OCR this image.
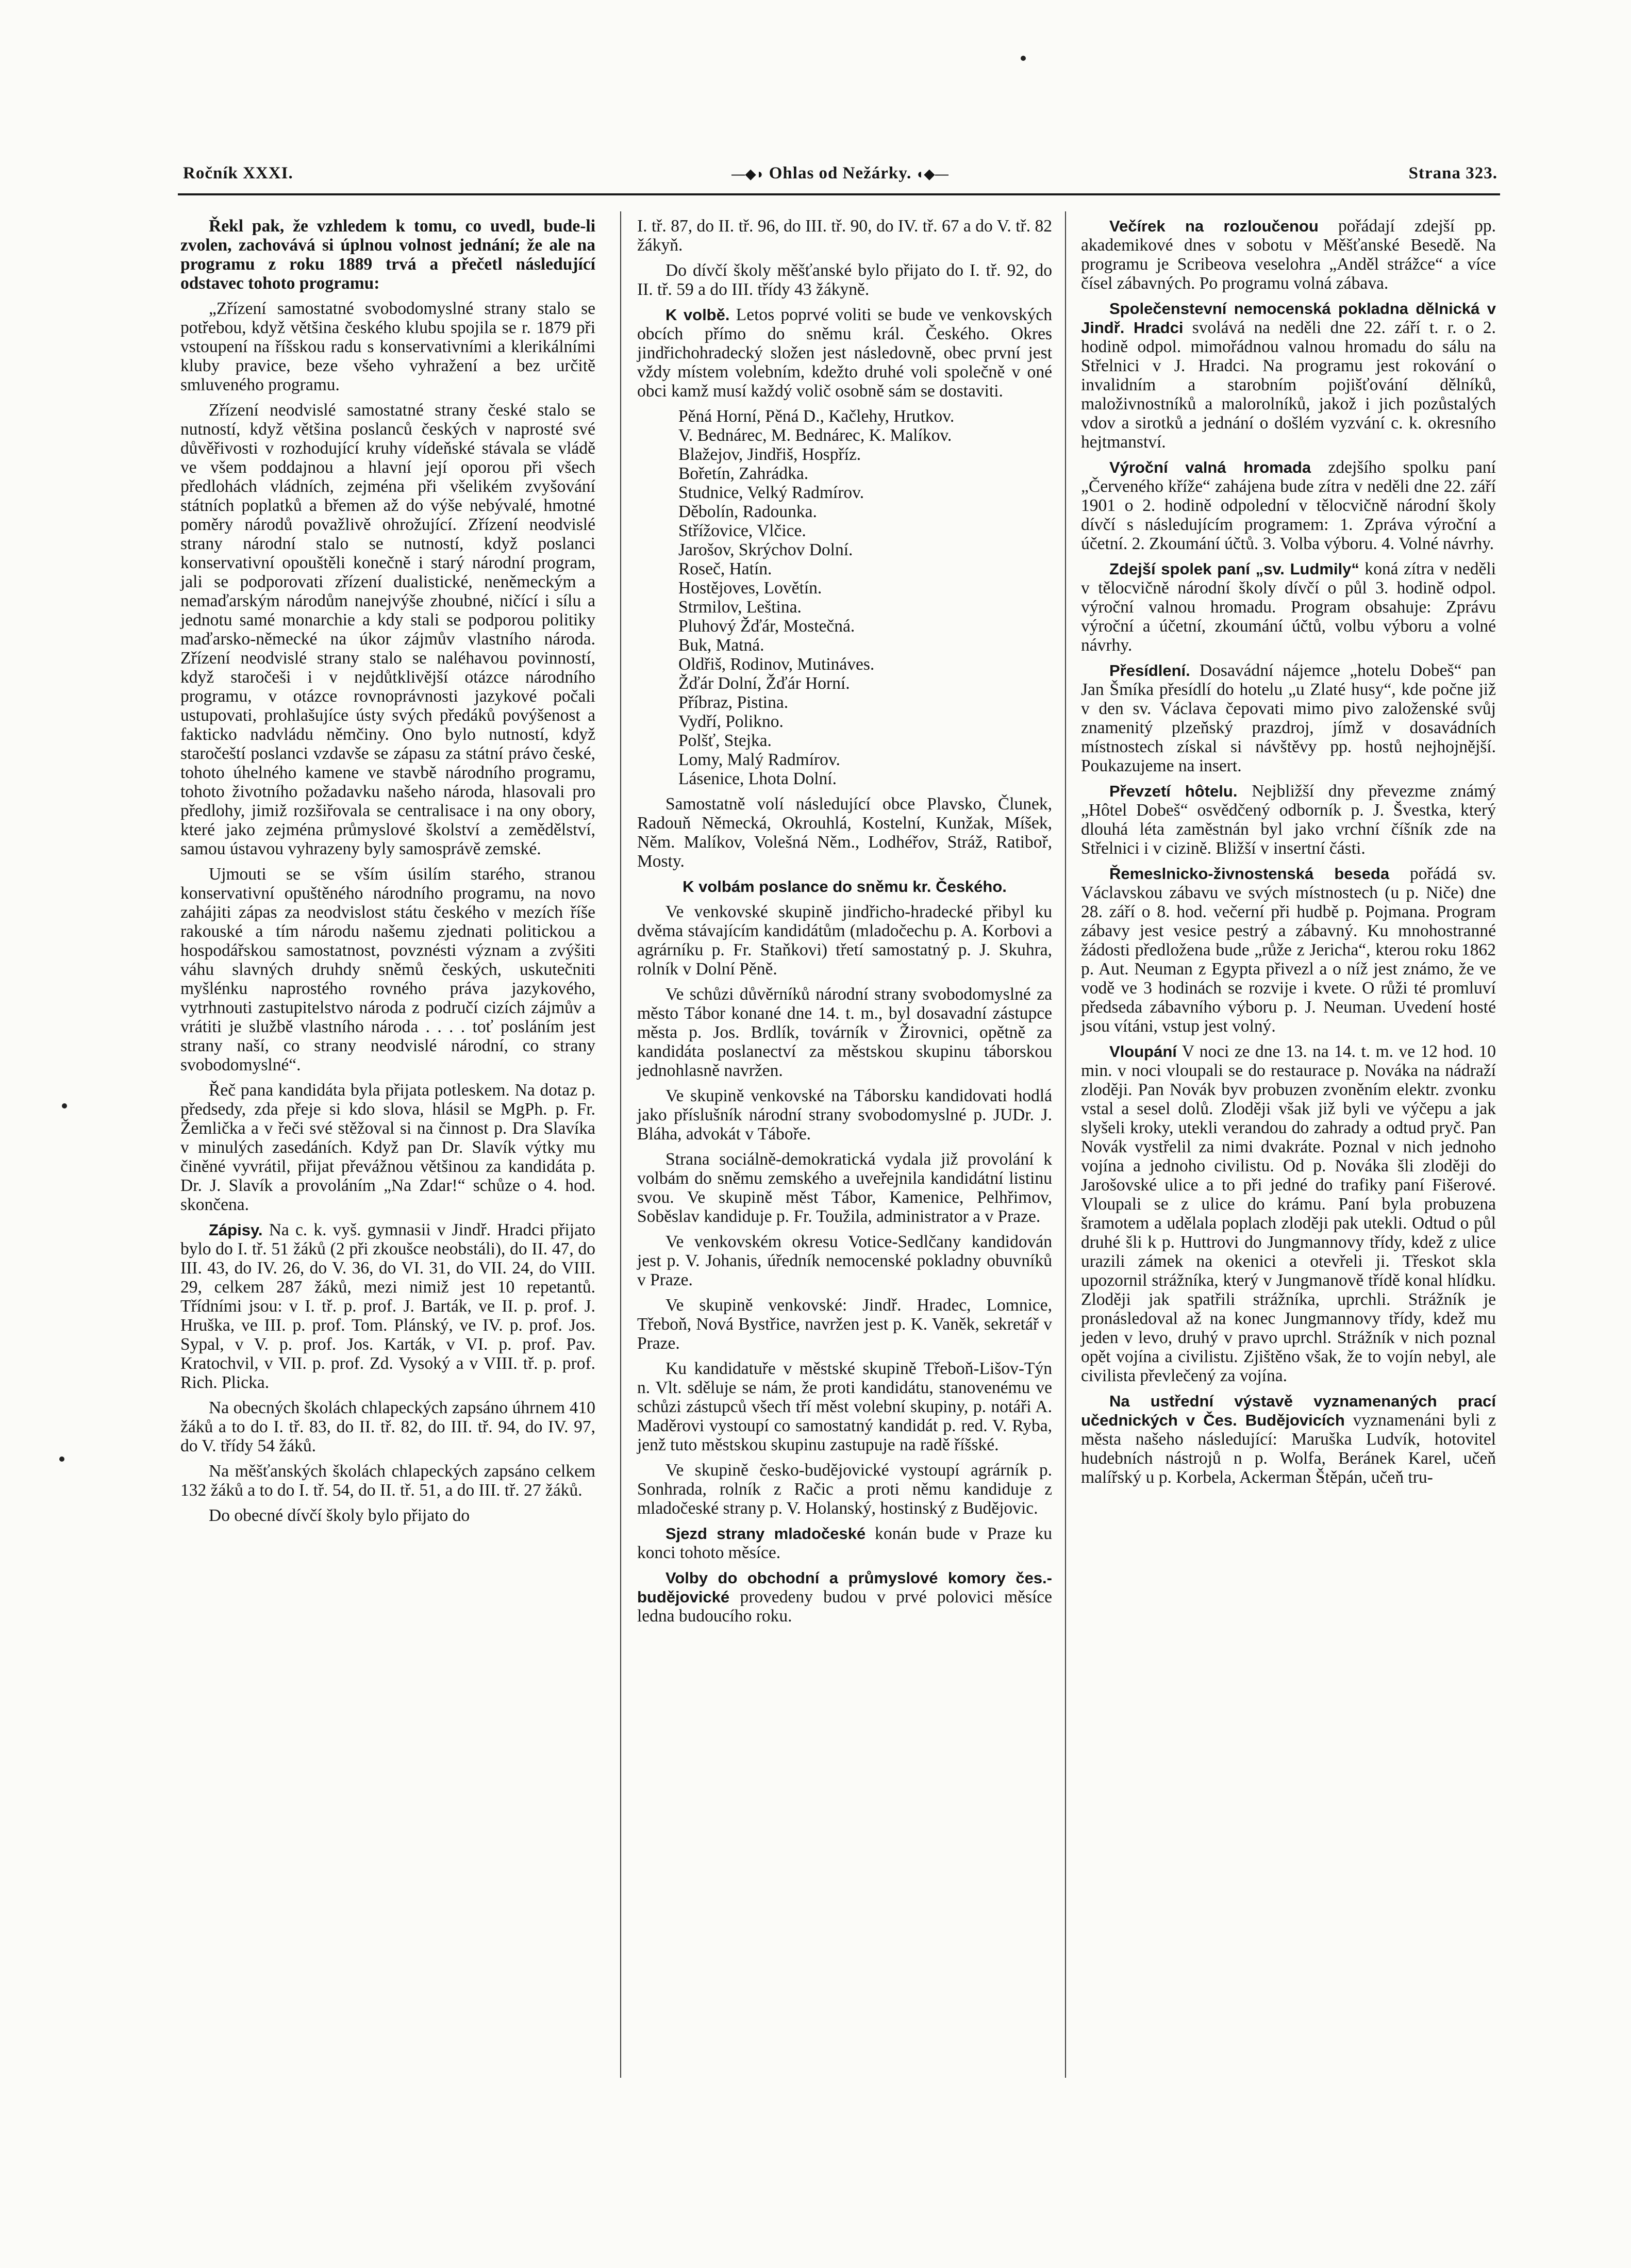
Ročník XXXI.	—◆◗ Ohlas od Nežárky. ◖◆—	Strana 323.

Řekl pak, že vzhledem k tomu, co uvedl, bude-li zvolen, zachovává si úplnou volnost jednání; že ale na programu z roku 1889 trvá a přečetl následující odstavec tohoto programu:

„Zřízení samostatné svobodomyslné strany stalo se potřebou, když většina českého klubu spojila se r. 1879 při vstoupení na říšskou radu s konservativními a klerikálními kluby pravice, beze všeho vyhražení a bez určitě smluveného programu.

Zřízení neodvislé samostatné strany české stalo se nutností, když většina poslanců českých v naprosté své důvěřivosti v rozhodující kruhy vídeňské stávala se vládě ve všem poddajnou a hlavní její oporou při všech předlohách vládních, zejména při všelikém zvyšování státních poplatků a břemen až do výše nebývalé, hmotné poměry národů považlivě ohrožující. Zřízení neodvislé strany národní stalo se nutností, když poslanci konservativní opouštěli konečně i starý národní program, jali se podporovati zřízení dualistické, neněmeckým a nemaďarským národům nanejvýše zhoubné, ničící i sílu a jednotu samé monarchie a kdy stali se podporou politiky maďarsko-německé na úkor zájmův vlastního národa. Zřízení neodvislé strany stalo se naléhavou povinností, když staročeši i v nejdůtklivější otázce národního programu, v otázce rovnoprávnosti jazykové počali ustupovati, prohlašujíce ústy svých předáků povýšenost a fakticko nadvládu němčiny. Ono bylo nutností, když staročeští poslanci vzdavše se zápasu za státní právo české, tohoto úhelného kamene ve stavbě národního programu, tohoto životního požadavku našeho národa, hlasovali pro předlohy, jimiž rozšiřovala se centralisace i na ony obory, které jako zejména průmyslové školství a zemědělství, samou ústavou vyhrazeny byly samosprávě zemské.

Ujmouti se se vším úsilím starého, stranou konservativní opuštěného národního programu, na novo zahájiti zápas za neodvislost státu českého v mezích říše rakouské a tím národu našemu zjednati politickou a hospodářskou samostatnost, povznésti význam a zvýšiti váhu slavných druhdy sněmů českých, uskutečniti myšlénku naprostého rovného práva jazykového, vytrhnouti zastupitelstvo národa z područí cizích zájmův a vrátiti je službě vlastního národa . . . . toť posláním jest strany naší, co strany neodvislé národní, co strany svobodomyslné“.

Řeč pana kandidáta byla přijata potleskem. Na dotaz p. předsedy, zda přeje si kdo slova, hlásil se MgPh. p. Fr. Žemlička a v řeči své stěžoval si na činnost p. Dra Slavíka v minulých zasedáních. Když pan Dr. Slavík výtky mu činěné vyvrátil, přijat převážnou většinou za kandidáta p. Dr. J. Slavík a provoláním „Na Zdar!“ schůze o 4. hod. skončena.

Zápisy. Na c. k. vyš. gymnasii v Jindř. Hradci přijato bylo do I. tř. 51 žáků (2 při zkoušce neobstáli), do II. 47, do III. 43, do IV. 26, do V. 36, do VI. 31, do VII. 24, do VIII. 29, celkem 287 žáků, mezi nimiž jest 10 repetantů. Třídními jsou: v I. tř. p. prof. J. Barták, ve II. p. prof. J. Hruška, ve III. p. prof. Tom. Plánský, ve IV. p. prof. Jos. Sypal, v V. p. prof. Jos. Karták, v VI. p. prof. Pav. Kratochvil, v VII. p. prof. Zd. Vysoký a v VIII. tř. p. prof. Rich. Plicka.

Na obecných školách chlapeckých zapsáno úhrnem 410 žáků a to do I. tř. 83, do II. tř. 82, do III. tř. 94, do IV. 97, do V. třídy 54 žáků.

Na měšťanských školách chlapeckých zapsáno celkem 132 žáků a to do I. tř. 54, do II. tř. 51, a do III. tř. 27 žáků.

Do obecné dívčí školy bylo přijato do

I. tř. 87, do II. tř. 96, do III. tř. 90, do IV. tř. 67 a do V. tř. 82 žákyň.

Do dívčí školy měšťanské bylo přijato do I. tř. 92, do II. tř. 59 a do III. třídy 43 žákyně.

K volbě. Letos poprvé voliti se bude ve venkovských obcích přímo do sněmu král. Českého. Okres jindřichohradecký složen jest následovně, obec první jest vždy místem volebním, kdežto druhé voli společně v oné obci kamž musí každý volič osobně sám se dostaviti.

Pěná Horní, Pěná D., Kačlehy, Hrutkov.
V. Bednárec, M. Bednárec, K. Malíkov.
Blažejov, Jindřiš, Hospříz.
Bořetín, Zahrádka.
Studnice, Velký Radmírov.
Děbolín, Radounka.
Střížovice, Vlčice.
Jarošov, Skrýchov Dolní.
Roseč, Hatín.
Hostějoves, Lovětín.
Strmilov, Leština.
Pluhový Žďár, Mostečná.
Buk, Matná.
Oldřiš, Rodinov, Mutináves.
Žďár Dolní, Žďár Horní.
Příbraz, Pistina.
Vydří, Polikno.
Polšť, Stejka.
Lomy, Malý Radmírov.
Lásenice, Lhota Dolní.

Samostatně volí následující obce Plavsko, Člunek, Radouň Německá, Okrouhlá, Kostelní, Kunžak, Míšek, Něm. Malíkov, Volešná Něm., Lodhéřov, Stráž, Ratiboř, Mosty.

K volbám poslance do sněmu kr. Českého.

Ve venkovské skupině jindřicho-hradecké přibyl ku dvěma stávajícím kandidátům (mladočechu p. A. Korbovi a agrárníku p. Fr. Staňkovi) třetí samostatný p. J. Skuhra, rolník v Dolní Pěně.

Ve schůzi důvěrníků národní strany svobodomyslné za město Tábor konané dne 14. t. m., byl dosavadní zástupce města p. Jos. Brdlík, továrník v Žirovnici, opětně za kandidáta poslanectví za městskou skupinu táborskou jednohlasně navržen.

Ve skupině venkovské na Táborsku kandidovati hodlá jako příslušník národní strany svobodomyslné p. JUDr. J. Bláha, advokát v Táboře.

Strana sociálně-demokratická vydala již provolání k volbám do sněmu zemského a uveřejnila kandidátní listinu svou. Ve skupině měst Tábor, Kamenice, Pelhřimov, Soběslav kandiduje p. Fr. Toužila, administrator a v Praze.

Ve venkovském okresu Votice-Sedlčany kandidován jest p. V. Johanis, úředník nemocenské pokladny obuvníků v Praze.

Ve skupině venkovské: Jindř. Hradec, Lomnice, Třeboň, Nová Bystřice, navržen jest p. K. Vaněk, sekretář v Praze.

Ku kandidatuře v městské skupině Třeboň-Lišov-Týn n. Vlt. sděluje se nám, že proti kandidátu, stanovenému ve schůzi zástupců všech tří měst volební skupiny, p. notáři A. Maděrovi vystoupí co samostatný kandidát p. red. V. Ryba, jenž tuto městskou skupinu zastupuje na radě říšské.

Ve skupině česko-budějovické vystoupí agrárník p. Sonhrada, rolník z Račic a proti němu kandiduje z mladočeské strany p. V. Holanský, hostinský z Budějovic.

Sjezd strany mladočeské konán bude v Praze ku konci tohoto měsíce.

Volby do obchodní a průmyslové komory čes.-budějovické provedeny budou v prvé polovici měsíce ledna budoucího roku.

Večírek na rozloučenou pořádají zdejší pp. akademikové dnes v sobotu v Měšťanské Besedě. Na programu je Scribeova veselohra „Anděl strážce“ a více čísel zábavných. Po programu volná zábava.

Společenstevní nemocenská pokladna dělnická v Jindř. Hradci svolává na neděli dne 22. září t. r. o 2. hodině odpol. mimořádnou valnou hromadu do sálu na Střelnici v J. Hradci. Na programu jest rokování o invalidním a starobním pojišťování dělníků, maloživnostníků a malorolníků, jakož i jich pozůstalých vdov a sirotků a jednání o došlém vyzvání c. k. okresního hejtmanství.

Výroční valná hromada zdejšího spolku paní „Červeného kříže“ zahájena bude zítra v neděli dne 22. září 1901 o 2. hodině odpolední v tělocvičně národní školy dívčí s následujícím programem: 1. Zpráva výroční a účetní. 2. Zkoumání účtů. 3. Volba výboru. 4. Volné návrhy.

Zdejší spolek paní „sv. Ludmily“ koná zítra v neděli v tělocvičně národní školy dívčí o půl 3. hodině odpol. výroční valnou hromadu. Program obsahuje: Zprávu výroční a účetní, zkoumání účtů, volbu výboru a volné návrhy.

Přesídlení. Dosavádní nájemce „hotelu Dobeš“ pan Jan Šmíka přesídlí do hotelu „u Zlaté husy“, kde počne již v den sv. Václava čepovati mimo pivo založenské svůj znamenitý plzeňský prazdroj, jímž v dosavádních místnostech získal si návštěvy pp. hostů nejhojnější. Poukazujeme na insert.

Převzetí hôtelu. Nejbližší dny převezme známý „Hôtel Dobeš“ osvědčený odborník p. J. Švestka, který dlouhá léta zaměstnán byl jako vrchní číšník zde na Střelnici i v cizině. Bližší v insertní části.

Řemeslnicko-živnostenská beseda pořádá sv. Václavskou zábavu ve svých místnostech (u p. Niče) dne 28. září o 8. hod. večerní při hudbě p. Pojmana. Program zábavy jest vesice pestrý a zábavný. Ku mnohostranné žádosti předložena bude „růže z Jericha“, kterou roku 1862 p. Aut. Neuman z Egypta přivezl a o níž jest známo, že ve vodě ve 3 hodinách se rozvije i kvete. O růži té promluví předseda zábavního výboru p. J. Neuman. Uvedení hosté jsou vítáni, vstup jest volný.

Vloupání V noci ze dne 13. na 14. t. m. ve 12 hod. 10 min. v noci vloupali se do restaurace p. Nováka na nádraží zloději. Pan Novák byv probuzen zvoněním elektr. zvonku vstal a sesel dolů. Zloději však již byli ve výčepu a jak slyšeli kroky, utekli verandou do zahrady a odtud pryč. Pan Novák vystřelil za nimi dvakráte. Poznal v nich jednoho vojína a jednoho civilistu. Od p. Nováka šli zloději do Jarošovské ulice a to při jedné do trafiky paní Fišerové. Vloupali se z ulice do krámu. Paní byla probuzena šramotem a udělala poplach zloději pak utekli. Odtud o půl druhé šli k p. Huttrovi do Jungmannovy třídy, kdež z ulice urazili zámek na okenici a otevřeli ji. Třeskot skla upozornil strážníka, který v Jungmanově třídě konal hlídku. Zloději jak spatřili strážníka, uprchli. Strážník je pronásledoval až na konec Jungmannovy třídy, kdež mu jeden v levo, druhý v pravo uprchl. Strážník v nich poznal opět vojína a civilistu. Zjištěno však, že to vojín nebyl, ale civilista převlečený za vojína.

Na ustřední výstavě vyznamenaných prací učednických v Čes. Budějovicích vyznamenáni byli z města našeho následující: Maruška Ludvík, hotovitel hudebních nástrojů n p. Wolfa, Beránek Karel, učeň malířský u p. Korbela, Ackerman Štěpán, učeň tru-
